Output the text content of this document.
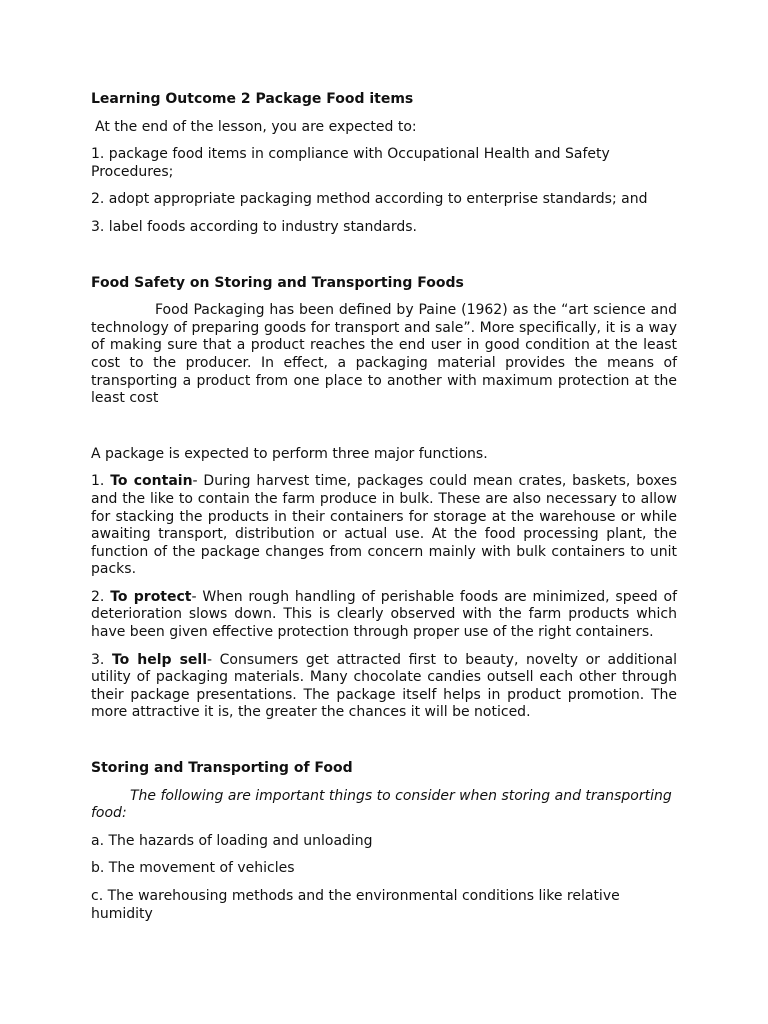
Learning Outcome 2 Package Food items

At the end of the lesson, you are expected to:

1. package food items in compliance with Occupational Health and Safety Procedures;

2. adopt appropriate packaging method according to enterprise standards; and

3. label foods according to industry standards.

Food Safety on Storing and Transporting Foods

Food Packaging has been defined by Paine (1962) as the “art science and technology of preparing goods for transport and sale”. More specifically, it is a way of making sure that a product reaches the end user in good condition at the least cost to the producer. In effect, a packaging material provides the means of transporting a product from one place to another with maximum protection at the least cost

A package is expected to perform three major functions.

1. To contain- During harvest time, packages could mean crates, baskets, boxes and the like to contain the farm produce in bulk. These are also necessary to allow for stacking the products in their containers for storage at the warehouse or while awaiting transport, distribution or actual use. At the food processing plant, the function of the package changes from concern mainly with bulk containers to unit packs.

2. To protect- When rough handling of perishable foods are minimized, speed of deterioration slows down. This is clearly observed with the farm products which have been given effective protection through proper use of the right containers.

3. To help sell- Consumers get attracted first to beauty, novelty or additional utility of packaging materials. Many chocolate candies outsell each other through their package presentations. The package itself helps in product promotion. The more attractive it is, the greater the chances it will be noticed.

Storing and Transporting of Food

The following are important things to consider when storing and transporting food:

a. The hazards of loading and unloading

b. The movement of vehicles

c. The warehousing methods and the environmental conditions like relative humidity
